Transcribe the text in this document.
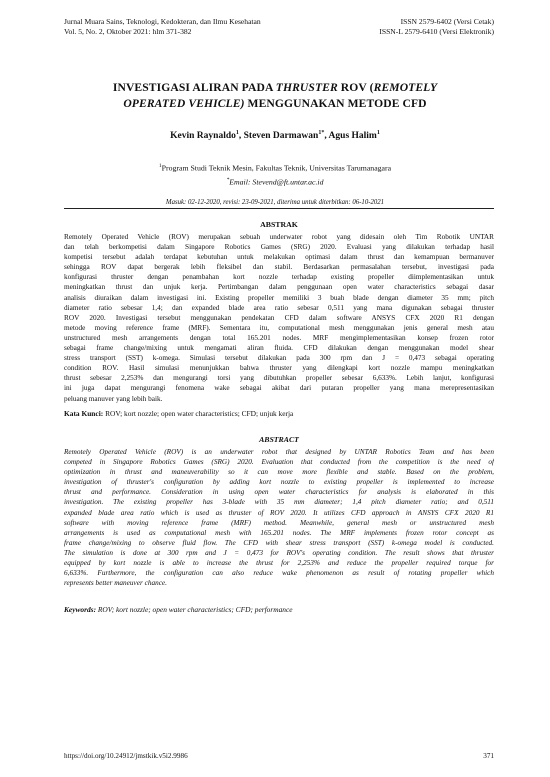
Jurnal Muara Sains, Teknologi, Kedokteran, dan Ilmu Kesehatan	ISSN 2579-6402 (Versi Cetak)
Vol. 5, No. 2, Oktober 2021: hlm 371-382	ISSN-L 2579-6410 (Versi Elektronik)
INVESTIGASI ALIRAN PADA THRUSTER ROV (REMOTELY
OPERATED VEHICLE) MENGGUNAKAN METODE CFD
Kevin Raynaldo$^1$, Steven Darmawan$^{1*}$, Agus Halim$^1$
$^1$Program Studi Teknik Mesin, Fakultas Teknik, Universitas Tarumanagara
*Email: Stevend@ft.untar.ac.id
Masuk: 02-12-2020, revisi: 23-09-2021, diterima untuk diterbitkan: 06-10-2021
ABSTRAK
Remotely Operated Vehicle (ROV) merupakan sebuah underwater robot yang didesain oleh Tim Robotik UNTAR
dan telah berkompetisi dalam Singapore Robotics Games (SRG) 2020. Evaluasi yang dilakukan terhadap hasil
kompetisi tersebut adalah terdapat kebutuhan untuk melakukan optimasi dalam thrust dan kemampuan bermanuver
sehingga ROV dapat bergerak lebih fleksibel dan stabil. Berdasarkan permasalahan tersebut, investigasi pada
konfigurasi thruster dengan penambahan kort nozzle terhadap existing propeller diimplementasikan untuk
meningkatkan thrust dan unjuk kerja. Pertimbangan dalam penggunaan open water characteristics sebagai dasar
analisis diuraikan dalam investigasi ini. Existing propeller memiliki 3 buah blade dengan diameter 35 mm; pitch
diameter ratio sebesar 1,4; dan expanded blade area ratio sebesar 0,511 yang mana digunakan sebagai thruster
ROV 2020. Investigasi tersebut menggunakan pendekatan CFD dalam software ANSYS CFX 2020 R1 dengan
metode moving reference frame (MRF). Sementara itu, computational mesh menggunakan jenis general mesh atau
unstructured mesh arrangements dengan total 165.201 nodes. MRF mengimplementasikan konsep frozen rotor
sebagai frame change/mixing untuk mengamati aliran fluida. CFD dilakukan dengan menggunakan model shear
stress transport (SST) k-omega. Simulasi tersebut dilakukan pada 300 rpm dan J = 0,473 sebagai operating
condition ROV. Hasil simulasi menunjukkan bahwa thruster yang dilengkapi kort nozzle mampu meningkatkan
thrust sebesar 2,253% dan mengurangi torsi yang dibutuhkan propeller sebesar 6,633%. Lebih lanjut, konfigurasi
ini juga dapat mengurangi fenomena wake sebagai akibat dari putaran propeller yang mana merepresentasikan
peluang manuver yang lebih baik.
Kata Kunci: ROV; kort nozzle; open water characteristics; CFD; unjuk kerja
ABSTRACT
Remotely Operated Vehicle (ROV) is an underwater robot that designed by UNTAR Robotics Team and has been
competed in Singapore Robotics Games (SRG) 2020. Evaluation that conducted from the competition is the need of
optimization in thrust and maneuverability so it can move more flexible and stable. Based on the problem,
investigation of thruster's configuration by adding kort nozzle to existing propeller is implemented to increase
thrust and performance. Consideration in using open water characteristics for analysis is elaborated in this
investigation. The existing propeller has 3-blade with 35 mm diameter; 1,4 pitch diameter ratio; and 0,511
expanded blade area ratio which is used as thruster of ROV 2020. It utilizes CFD approach in ANSYS CFX 2020 R1
software with moving reference frame (MRF) method. Meanwhile, general mesh or unstructured mesh
arrangements is used as computational mesh with 165.201 nodes. The MRF implements frozen rotor concept as
frame change/mixing to observe fluid flow. The CFD with shear stress transport (SST) k-omega model is conducted.
The simulation is done at 300 rpm and J = 0,473 for ROV's operating condition. The result shows that thruster
equipped by kort nozzle is able to increase the thrust for 2,253% and reduce the propeller required torque for
6,633%. Furthermore, the configuration can also reduce wake phenomenon as result of rotating propeller which
represents better maneuver chance.
Keywords: ROV; kort nozzle; open water characteristics; CFD; performance
https://doi.org/10.24912/jmstkik.v5i2.9986	371
